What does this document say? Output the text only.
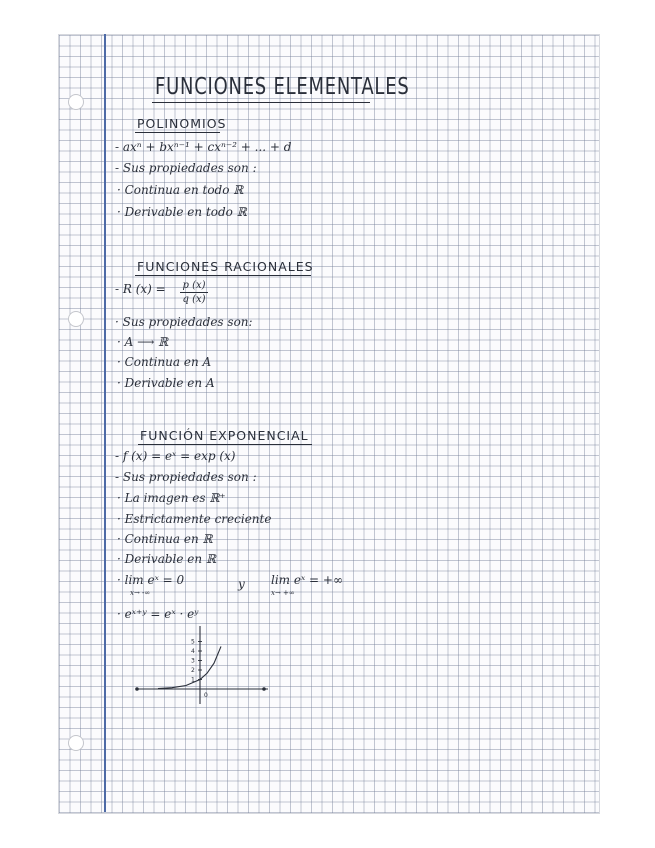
FUNCIONES ELEMENTALES
POLINOMIOS
- axⁿ + bxⁿ⁻¹ + cxⁿ⁻² + ... + d
- Sus propiedades son :
· Continua en todo ℝ
· Derivable en todo ℝ
FUNCIONES RACIONALES
- R (x) = p (x)
q (x)
· Sus propiedades son:
· A ⟶ ℝ
· Continua en A
· Derivable en A
FUNCIÓN EXPONENCIAL
- f (x) = eˣ = exp (x)
- Sus propiedades son :
· La imagen es ℝ⁺
· Estrictamente creciente
· Continua en ℝ
· Derivable en ℝ
· lim eˣ = 0
x→ -∞
y lim eˣ = +∞
x→ +∞
· eˣ⁺ʸ = eˣ · eʸ
5
4
3
2
1
0
